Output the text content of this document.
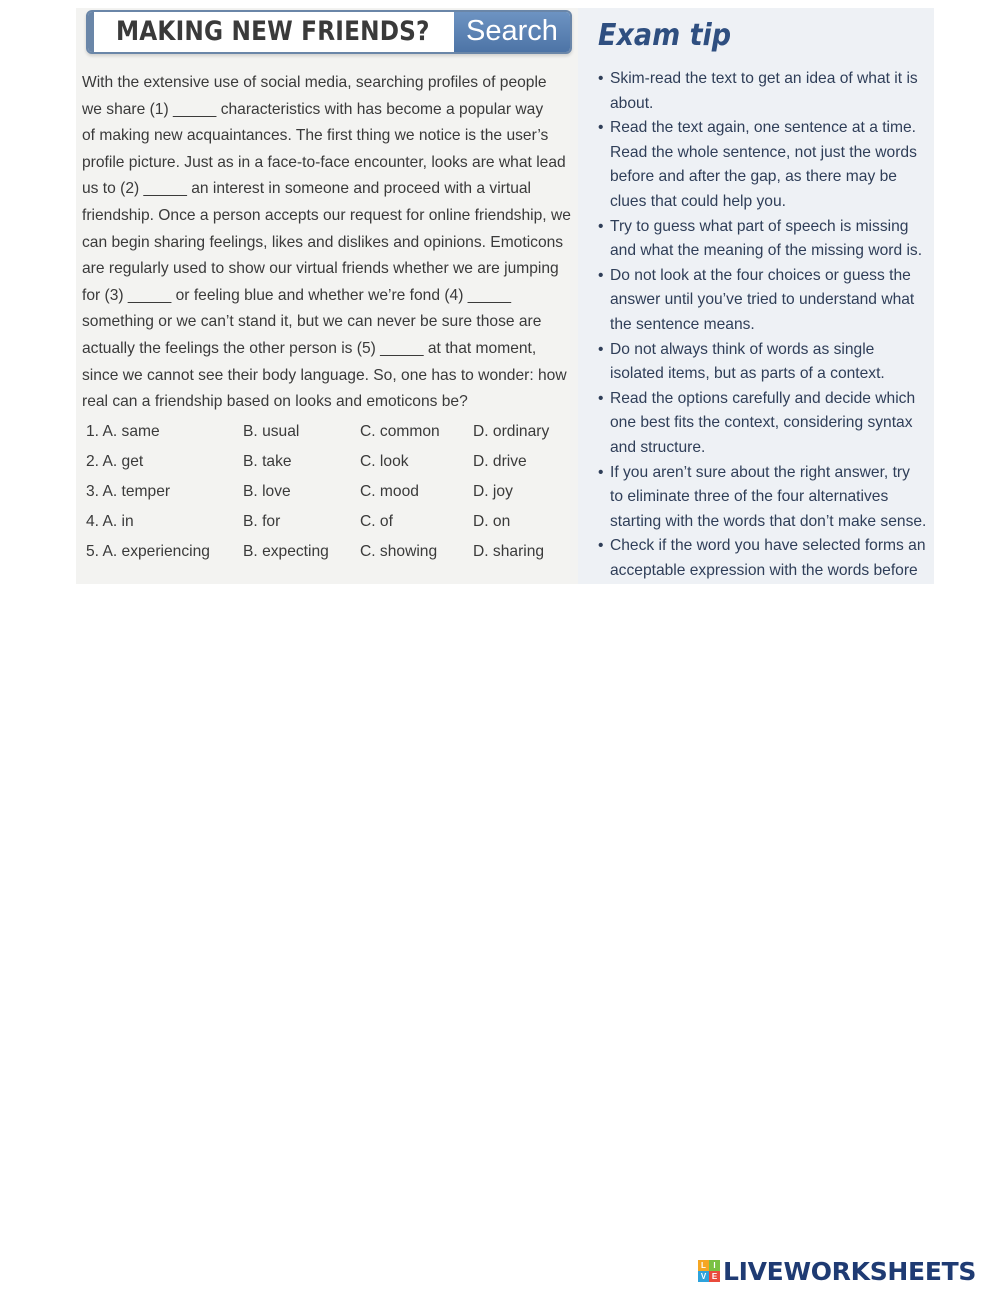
MAKING NEW FRIENDS?	Search
With the extensive use of social media, searching profiles of people
we share (1) _____ characteristics with has become a popular way
of making new acquaintances. The first thing we notice is the user’s
profile picture. Just as in a face-to-face encounter, looks are what lead
us to (2) _____ an interest in someone and proceed with a virtual
friendship. Once a person accepts our request for online friendship, we
can begin sharing feelings, likes and dislikes and opinions. Emoticons
are regularly used to show our virtual friends whether we are jumping
for (3) _____ or feeling blue and whether we’re fond (4) _____
something or we can’t stand it, but we can never be sure those are
actually the feelings the other person is (5) _____ at that moment,
since we cannot see their body language. So, one has to wonder: how
real can a friendship based on looks and emoticons be?
1. A. same	B. usual	C. common D. ordinary
2. A. get	B. take	C. look	D. drive
3. A. temper	B. love	C. mood	D. joy
4. A. in	B. for	C. of	D. on
5. A. experiencing B. expecting C. showing D. sharing
Exam tip
• Skim-read the text to get an idea of what it is
about.
• Read the text again, one sentence at a time.
Read the whole sentence, not just the words
before and after the gap, as there may be
clues that could help you.
• Try to guess what part of speech is missing
and what the meaning of the missing word is.
• Do not look at the four choices or guess the
answer until you’ve tried to understand what
the sentence means.
• Do not always think of words as single
isolated items, but as parts of a context.
• Read the options carefully and decide which
one best fits the context, considering syntax
and structure.
• If you aren’t sure about the right answer, try
to eliminate three of the four alternatives
starting with the words that don’t make sense.
• Check if the word you have selected forms an
acceptable expression with the words before
L I
V E LIVEWORKSHEETS
